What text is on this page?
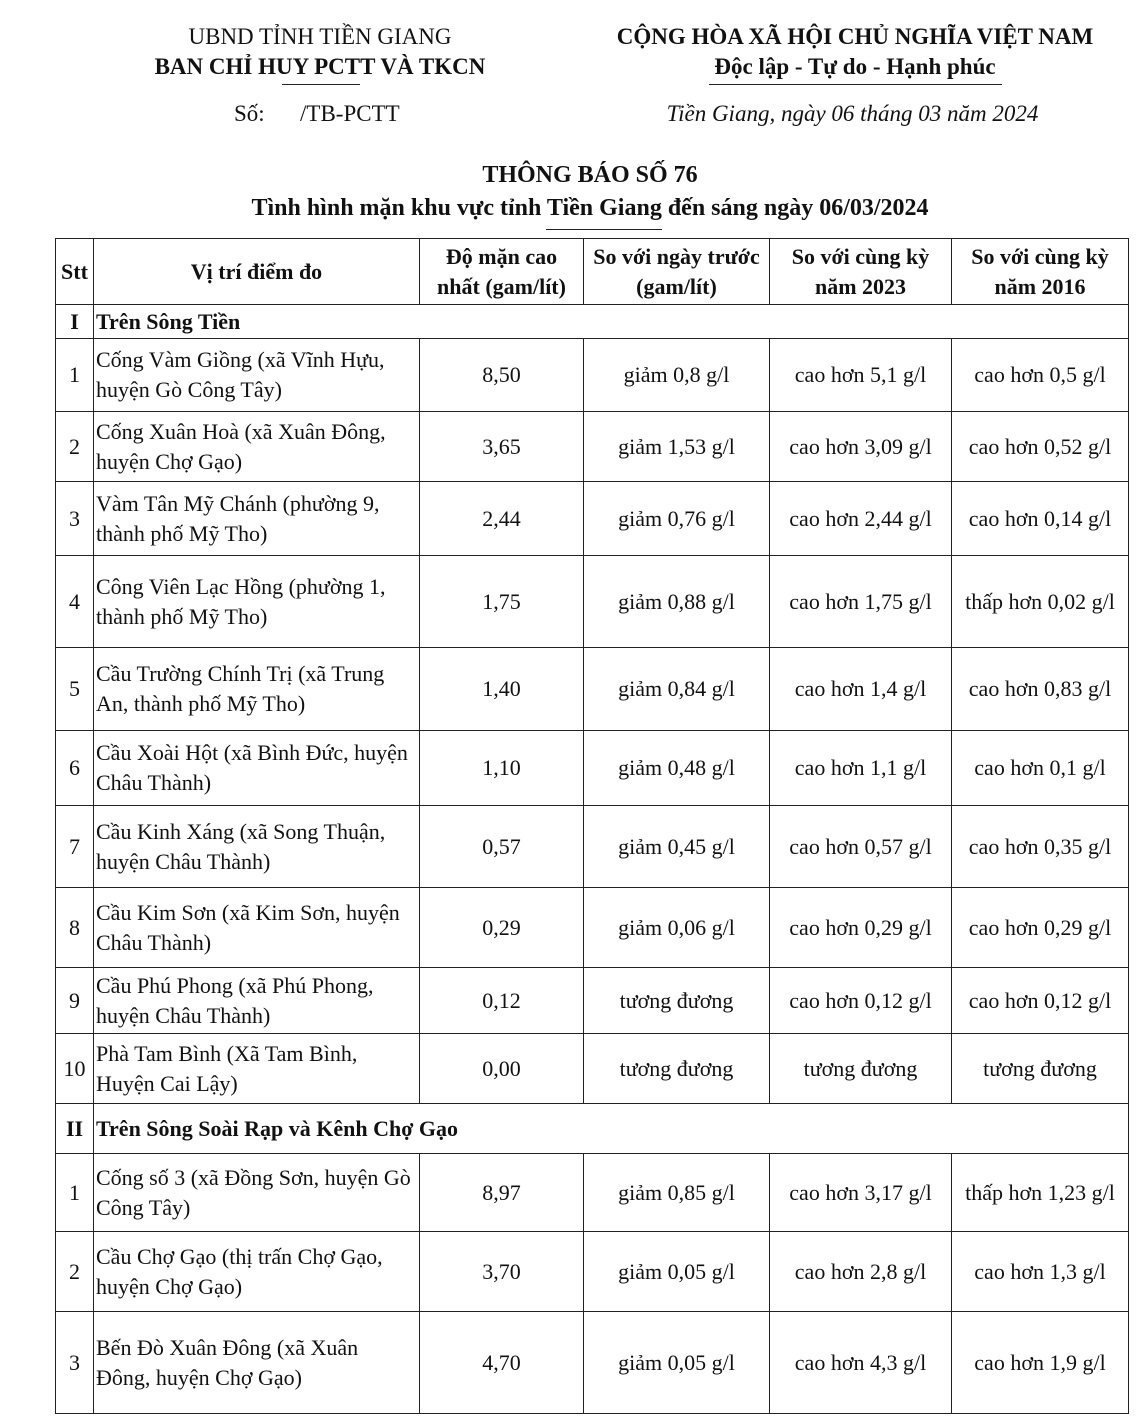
UBND TỈNH TIỀN GIANG
BAN CHỈ HUY PCTT VÀ TKCN
CỘNG HÒA XÃ HỘI CHỦ NGHĨA VIỆT NAM
Độc lập - Tự do - Hạnh phúc
Số: /TB-PCTT	Tiền Giang, ngày 06 tháng 03 năm 2024
THÔNG BÁO SỐ 76
Tình hình mặn khu vực tỉnh Tiền Giang đến sáng ngày 06/03/2024
Stt	Vị trí điểm đo	Độ mặn cao nhất (gam/lít)	So với ngày trước (gam/lít)	So với cùng kỳ năm 2023	So với cùng kỳ năm 2016
I	Trên Sông Tiền				
1	Cống Vàm Giồng (xã Vĩnh Hựu, huyện Gò Công Tây)	8,50	giảm 0,8 g/l	cao hơn 5,1 g/l	cao hơn 0,5 g/l
2	Cống Xuân Hoà (xã Xuân Đông, huyện Chợ Gạo)	3,65	giảm 1,53 g/l	cao hơn 3,09 g/l	cao hơn 0,52 g/l
3	Vàm Tân Mỹ Chánh (phường 9, thành phố Mỹ Tho)	2,44	giảm 0,76 g/l	cao hơn 2,44 g/l	cao hơn 0,14 g/l
4	Công Viên Lạc Hồng (phường 1, thành phố Mỹ Tho)	1,75	giảm 0,88 g/l	cao hơn 1,75 g/l	thấp hơn 0,02 g/l
5	Cầu Trường Chính Trị (xã Trung An, thành phố Mỹ Tho)	1,40	giảm 0,84 g/l	cao hơn 1,4 g/l	cao hơn 0,83 g/l
6	Cầu Xoài Hột (xã Bình Đức, huyện Châu Thành)	1,10	giảm 0,48 g/l	cao hơn 1,1 g/l	cao hơn 0,1 g/l
7	Cầu Kinh Xáng (xã Song Thuận, huyện Châu Thành)	0,57	giảm 0,45 g/l	cao hơn 0,57 g/l	cao hơn 0,35 g/l
8	Cầu Kim Sơn (xã Kim Sơn, huyện Châu Thành)	0,29	giảm 0,06 g/l	cao hơn 0,29 g/l	cao hơn 0,29 g/l
9	Cầu Phú Phong (xã Phú Phong, huyện Châu Thành)	0,12	tương đương	cao hơn 0,12 g/l	cao hơn 0,12 g/l
10	Phà Tam Bình (Xã Tam Bình, Huyện Cai Lậy)	0,00	tương đương	tương đương	tương đương
II	Trên Sông Soài Rạp và Kênh Chợ Gạo				
1	Cống số 3 (xã Đồng Sơn, huyện Gò Công Tây)	8,97	giảm 0,85 g/l	cao hơn 3,17 g/l	thấp hơn 1,23 g/l
2	Cầu Chợ Gạo (thị trấn Chợ Gạo, huyện Chợ Gạo)	3,70	giảm 0,05 g/l	cao hơn 2,8 g/l	cao hơn 1,3 g/l
3	Bến Đò Xuân Đông (xã Xuân Đông, huyện Chợ Gạo)	4,70	giảm 0,05 g/l	cao hơn 4,3 g/l	cao hơn 1,9 g/l
